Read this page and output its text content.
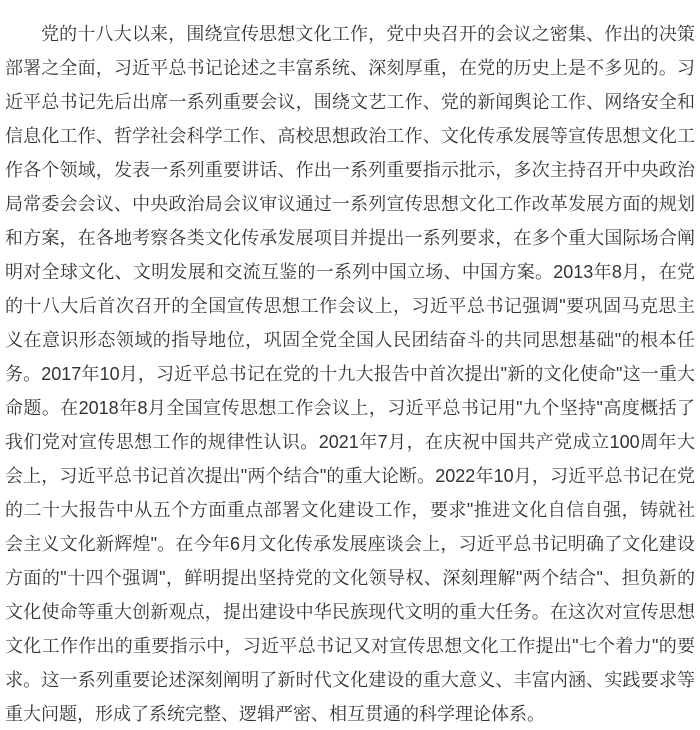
党的十八大以来，围绕宣传思想文化工作，党中央召开的会议之密集、作出的决策部署之全面，习近平总书记论述之丰富系统、深刻厚重，在党的历史上是不多见的。习近平总书记先后出席一系列重要会议，围绕文艺工作、党的新闻舆论工作、网络安全和信息化工作、哲学社会科学工作、高校思想政治工作、文化传承发展等宣传思想文化工作各个领域，发表一系列重要讲话、作出一系列重要指示批示，多次主持召开中央政治局常委会会议、中央政治局会议审议通过一系列宣传思想文化工作改革发展方面的规划和方案，在各地考察各类文化传承发展项目并提出一系列要求，在多个重大国际场合阐明对全球文化、文明发展和交流互鉴的一系列中国立场、中国方案。2013年8月，在党的十八大后首次召开的全国宣传思想工作会议上，习近平总书记强调"要巩固马克思主义在意识形态领域的指导地位，巩固全党全国人民团结奋斗的共同思想基础"的根本任务。2017年10月，习近平总书记在党的十九大报告中首次提出"新的文化使命"这一重大命题。在2018年8月全国宣传思想工作会议上，习近平总书记用"九个坚持"高度概括了我们党对宣传思想工作的规律性认识。2021年7月，在庆祝中国共产党成立100周年大会上，习近平总书记首次提出"两个结合"的重大论断。2022年10月，习近平总书记在党的二十大报告中从五个方面重点部署文化建设工作，要求"推进文化自信自强，铸就社会主义文化新辉煌"。在今年6月文化传承发展座谈会上，习近平总书记明确了文化建设方面的"十四个强调"，鲜明提出坚持党的文化领导权、深刻理解"两个结合"、担负新的文化使命等重大创新观点，提出建设中华民族现代文明的重大任务。在这次对宣传思想文化工作作出的重要指示中，习近平总书记又对宣传思想文化工作提出"七个着力"的要求。这一系列重要论述深刻阐明了新时代文化建设的重大意义、丰富内涵、实践要求等重大问题，形成了系统完整、逻辑严密、相互贯通的科学理论体系。
